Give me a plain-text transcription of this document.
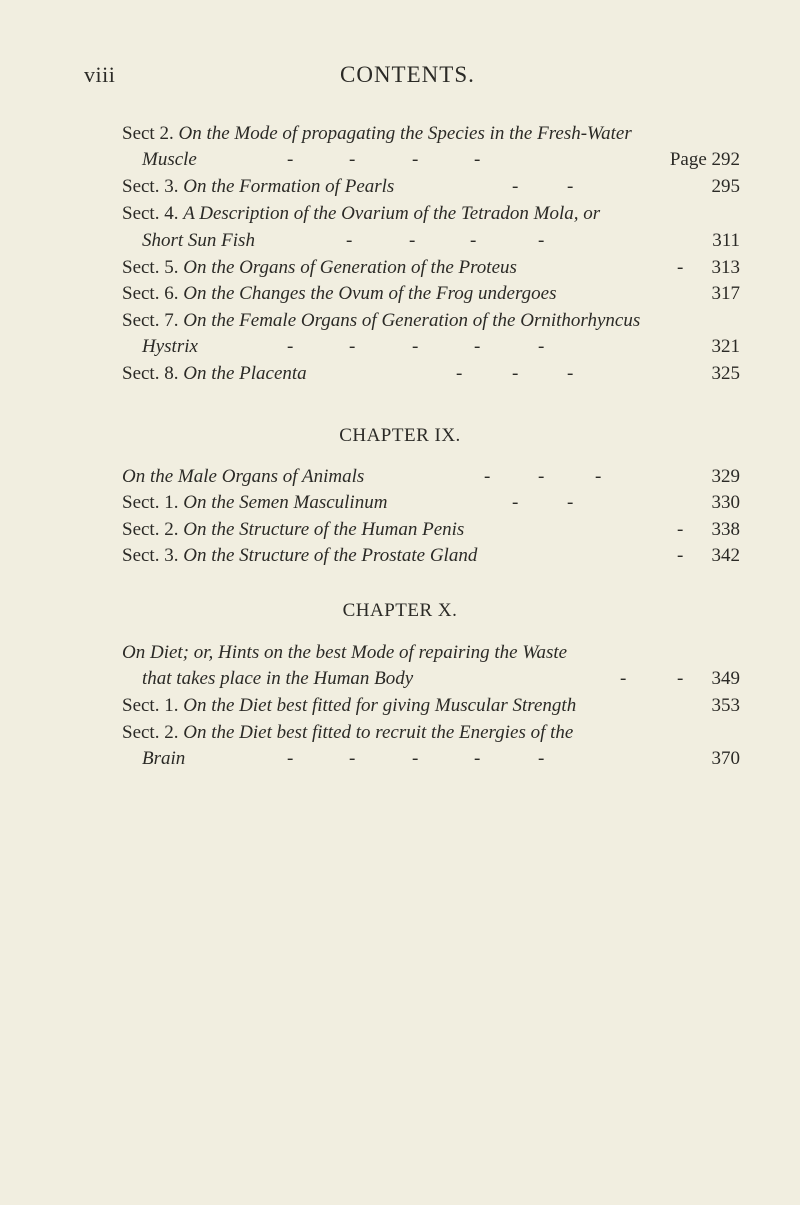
viii	CONTENTS.
Sect 2. On the Mode of propagating the Species in the Fresh-Water
Muscle	-	-	-	-	Page 292
Sect. 3. On the Formation of Pearls	-	-	295
Sect. 4. A Description of the Ovarium of the Tetradon Mola, or
Short Sun Fish	-	-	-	-	311
Sect. 5. On the Organs of Generation of the Proteus	- 313
Sect. 6. On the Changes the Ovum of the Frog undergoes	317
Sect. 7. On the Female Organs of Generation of the Ornithorhyncus
Hystrix	-	-	-	-	-	321
Sect. 8. On the Placenta	-	-	-	325
CHAPTER IX.
On the Male Organs of Animals	-	-	-	329
Sect. 1. On the Semen Masculinum	-	-	330
Sect. 2. On the Structure of the Human Penis	- 338
Sect. 3. On the Structure of the Prostate Gland	- 342
CHAPTER X.
On Diet; or, Hints on the best Mode of repairing the Waste
that takes place in the Human Body	-	- 349
Sect. 1. On the Diet best fitted for giving Muscular Strength	353
Sect. 2. On the Diet best fitted to recruit the Energies of the
Brain	-	-	-	-	-	370
